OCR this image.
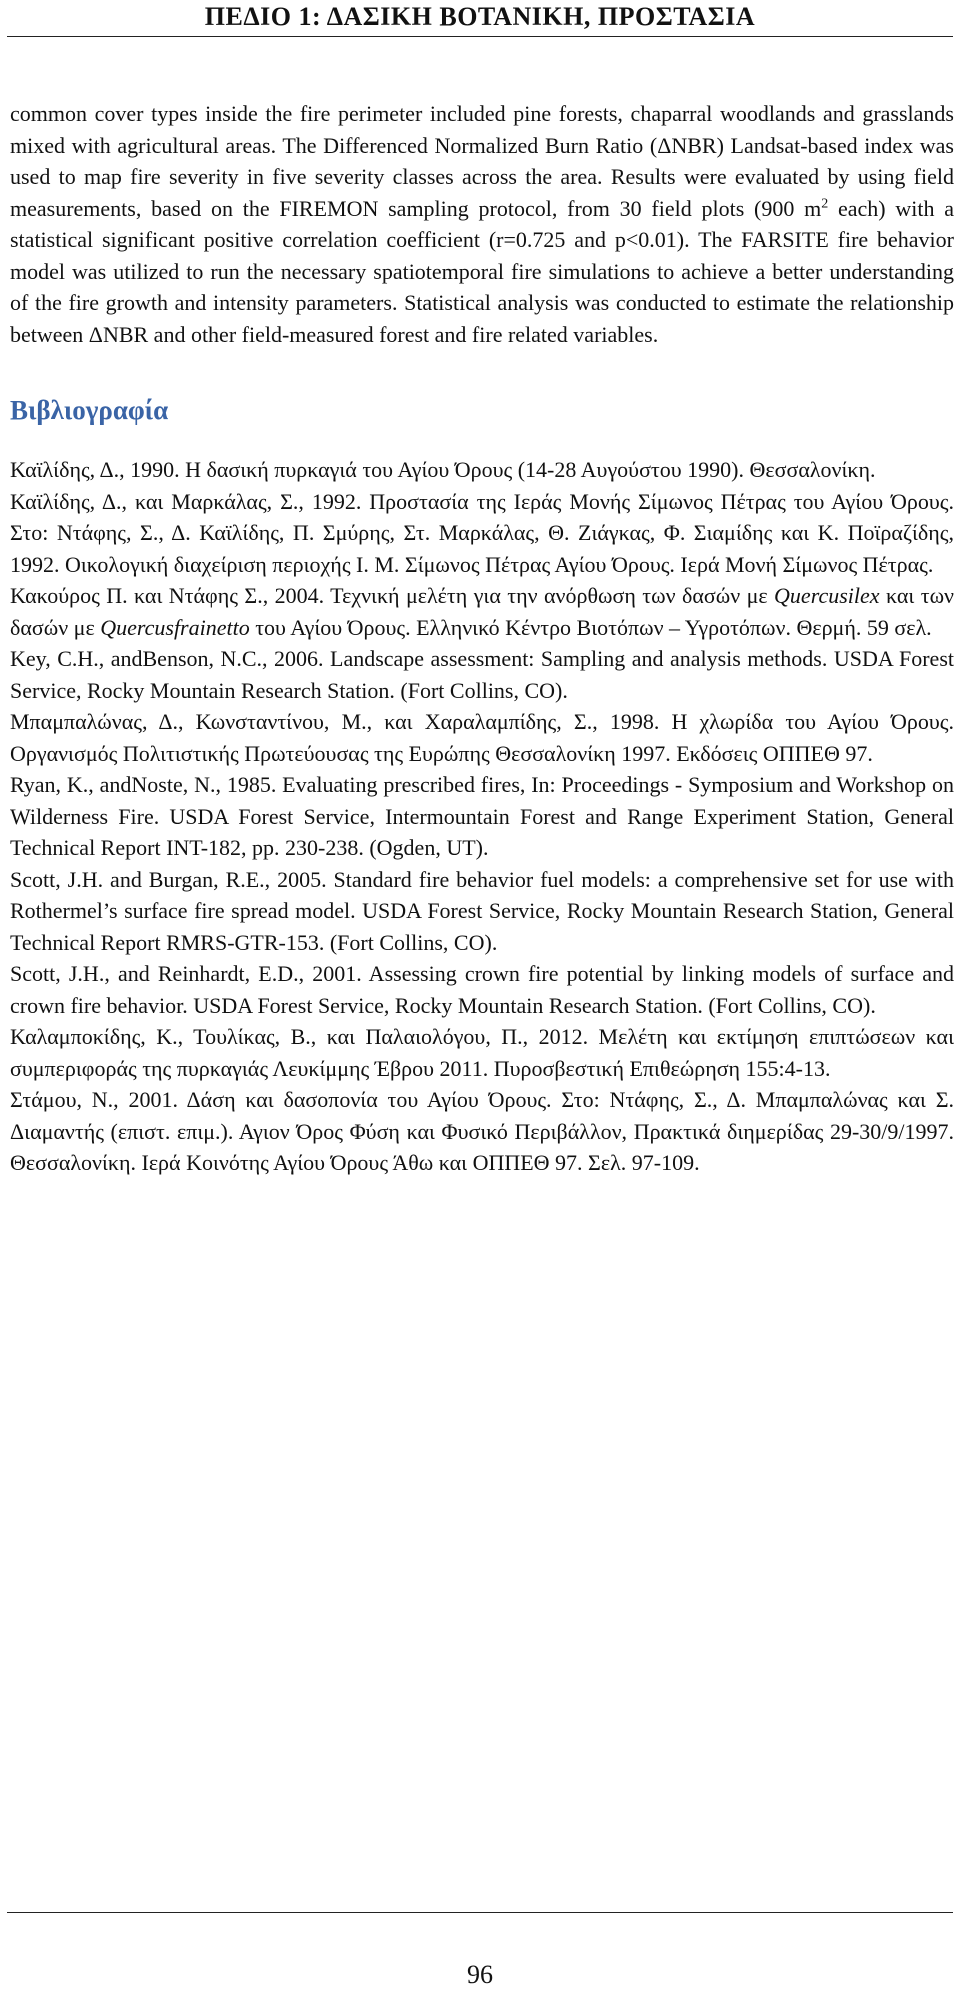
ΠΕΔΙΟ 1: ΔΑΣΙΚΗ ΒΟΤΑΝΙΚΗ, ΠΡΟΣΤΑΣΙΑ

common cover types inside the fire perimeter included pine forests, chaparral woodlands and grasslands mixed with agricultural areas. The Differenced Normalized Burn Ratio (ΔNBR) Landsat-based index was used to map fire severity in five severity classes across the area. Results were evaluated by using field measurements, based on the FIREMON sampling protocol, from 30 field plots (900 $m^2$ each) with a statistical significant positive correlation coefficient (r=0.725 and p<0.01). The FARSITE fire behavior model was utilized to run the necessary spatiotemporal fire simulations to achieve a better understanding of the fire growth and intensity parameters. Statistical analysis was conducted to estimate the relationship between ΔNBR and other field-measured forest and fire related variables.

Βιβλιογραφία

Καϊλίδης, Δ., 1990. Η δασική πυρκαγιά του Αγίου Όρους (14-28 Αυγούστου 1990). Θεσσαλονίκη.

Καϊλίδης, Δ., και Μαρκάλας, Σ., 1992. Προστασία της Ιεράς Μονής Σίμωνος Πέτρας του Αγίου Όρους. Στο: Ντάφης, Σ., Δ. Καϊλίδης, Π. Σμύρης, Στ. Μαρκάλας, Θ. Ζιάγκας, Φ. Σιαμίδης και Κ. Ποϊραζίδης, 1992. Οικολογική διαχείριση περιοχής Ι. Μ. Σίμωνος Πέτρας Αγίου Όρους. Ιερά Μονή Σίμωνος Πέτρας.

Κακούρος Π. και Ντάφης Σ., 2004. Τεχνική μελέτη για την ανόρθωση των δασών με Quercusilex και των δασών με Quercusfrainetto του Αγίου Όρους. Ελληνικό Κέντρο Βιοτόπων – Υγροτόπων. Θερμή. 59 σελ.

Key, C.H., andBenson, N.C., 2006. Landscape assessment: Sampling and analysis methods. USDA Forest Service, Rocky Mountain Research Station. (Fort Collins, CO).

Μπαμπαλώνας, Δ., Κωνσταντίνου, Μ., και Χαραλαμπίδης, Σ., 1998. Η χλωρίδα του Αγίου Όρους. Οργανισμός Πολιτιστικής Πρωτεύουσας της Ευρώπης Θεσσαλονίκη 1997. Εκδόσεις ΟΠΠΕΘ 97.

Ryan, K., andNoste, N., 1985. Evaluating prescribed fires, In: Proceedings - Symposium and Workshop on Wilderness Fire. USDA Forest Service, Intermountain Forest and Range Experiment Station, General Technical Report INT-182, pp. 230-238. (Ogden, UT).

Scott, J.H. and Burgan, R.E., 2005. Standard fire behavior fuel models: a comprehensive set for use with Rothermel’s surface fire spread model. USDA Forest Service, Rocky Mountain Research Station, General Technical Report RMRS-GTR-153. (Fort Collins, CO).

Scott, J.H., and Reinhardt, E.D., 2001. Assessing crown fire potential by linking models of surface and crown fire behavior. USDA Forest Service, Rocky Mountain Research Station. (Fort Collins, CO).

Καλαμποκίδης, Κ., Τουλίκας, Β., και Παλαιολόγου, Π., 2012. Μελέτη και εκτίμηση επιπτώσεων και συμπεριφοράς της πυρκαγιάς Λευκίμμης Έβρου 2011. Πυροσβεστική Επιθεώρηση 155:4-13.

Στάμου, Ν., 2001. Δάση και δασοπονία του Αγίου Όρους. Στο: Ντάφης, Σ., Δ. Μπαμπαλώνας και Σ. Διαμαντής (επιστ. επιμ.). Αγιον Όρος Φύση και Φυσικό Περιβάλλον, Πρακτικά διημερίδας 29-30/9/1997. Θεσσαλονίκη. Ιερά Κοινότης Αγίου Όρους Άθω και ΟΠΠΕΘ 97. Σελ. 97-109.

96
